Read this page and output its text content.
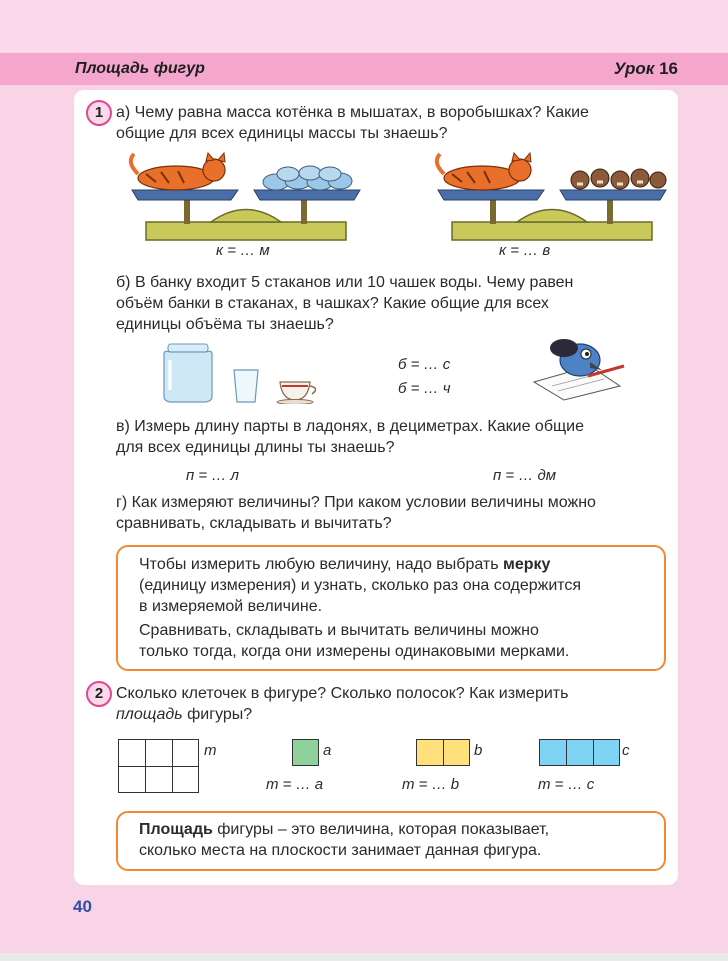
Площадь фигур	Урок 16
1 а) Чему равна масса котёнка в мышатах, в воробышках? Какие
общие для всех единицы массы ты знаешь?
к = … м	к = … в
б) В банку входит 5 стаканов или 10 чашек воды. Чему равен
объём банки в стаканах, в чашках? Какие общие для всех
единицы объёма ты знаешь?
б = … с
б = … ч
в) Измерь длину парты в ладонях, в дециметрах. Какие общие
для всех единицы длины ты знаешь?
п = … л	п = … дм
г) Как измеряют величины? При каком условии величины можно
сравнивать, складывать и вычитать?
Чтобы измерить любую величину, надо выбрать мерку
(единицу измерения) и узнать, сколько раз она содержится
в измеряемой величине.
Сравнивать, складывать и вычитать величины можно
только тогда, когда они измерены одинаковыми мерками.
2 Сколько клеточек в фигуре? Сколько полосок? Как измерить
площадь фигуры?
m	a	b	c
m = … a	m = … b	m = … c
Площадь фигуры – это величина, которая показывает,
сколько места на плоскости занимает данная фигура.
40
